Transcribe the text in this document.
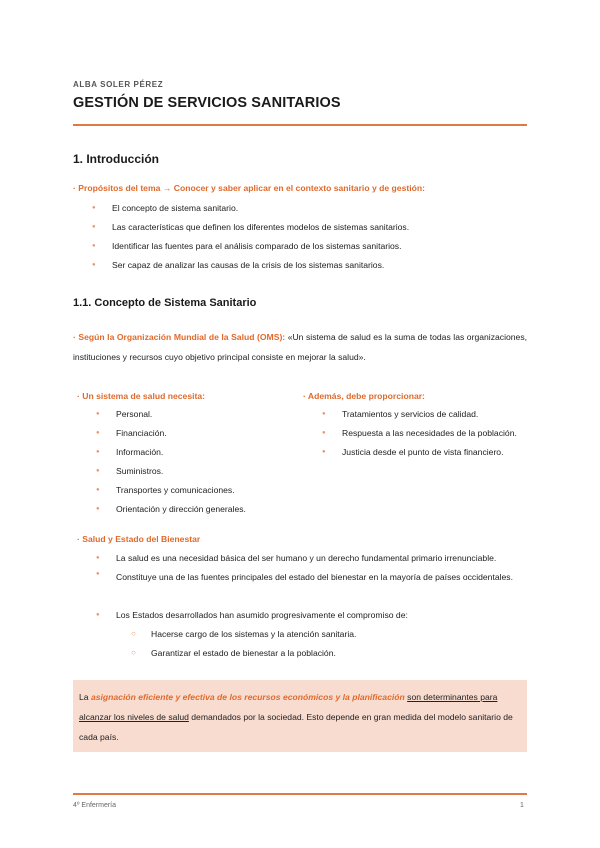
ALBA SOLER PÉREZ
GESTIÓN DE SERVICIOS SANITARIOS
1. Introducción
· Propósitos del tema → Conocer y saber aplicar en el contexto sanitario y de gestión:
● El concepto de sistema sanitario.
● Las características que definen los diferentes modelos de sistemas sanitarios.
● Identificar las fuentes para el análisis comparado de los sistemas sanitarios.
● Ser capaz de analizar las causas de la crisis de los sistemas sanitarios.
1.1. Concepto de Sistema Sanitario
· Según la Organización Mundial de la Salud (OMS): «Un sistema de salud es la suma de todas las organizaciones, instituciones y recursos cuyo objetivo principal consiste en mejorar la salud».
· Un sistema de salud necesita:
● Personal.
● Financiación.
● Información.
● Suministros.
● Transportes y comunicaciones.
● Orientación y dirección generales.
· Además, debe proporcionar:
● Tratamientos y servicios de calidad.
● Respuesta a las necesidades de la población.
● Justicia desde el punto de vista financiero.
· Salud y Estado del Bienestar
● La salud es una necesidad básica del ser humano y un derecho fundamental primario irrenunciable.
● Constituye una de las fuentes principales del estado del bienestar en la mayoría de países occidentales.
● Los Estados desarrollados han asumido progresivamente el compromiso de:
○ Hacerse cargo de los sistemas y la atención sanitaria.
○ Garantizar el estado de bienestar a la población.
La asignación eficiente y efectiva de los recursos económicos y la planificación son determinantes para alcanzar los niveles de salud demandados por la sociedad. Esto depende en gran medida del modelo sanitario de cada país.
4º Enfermería	1
